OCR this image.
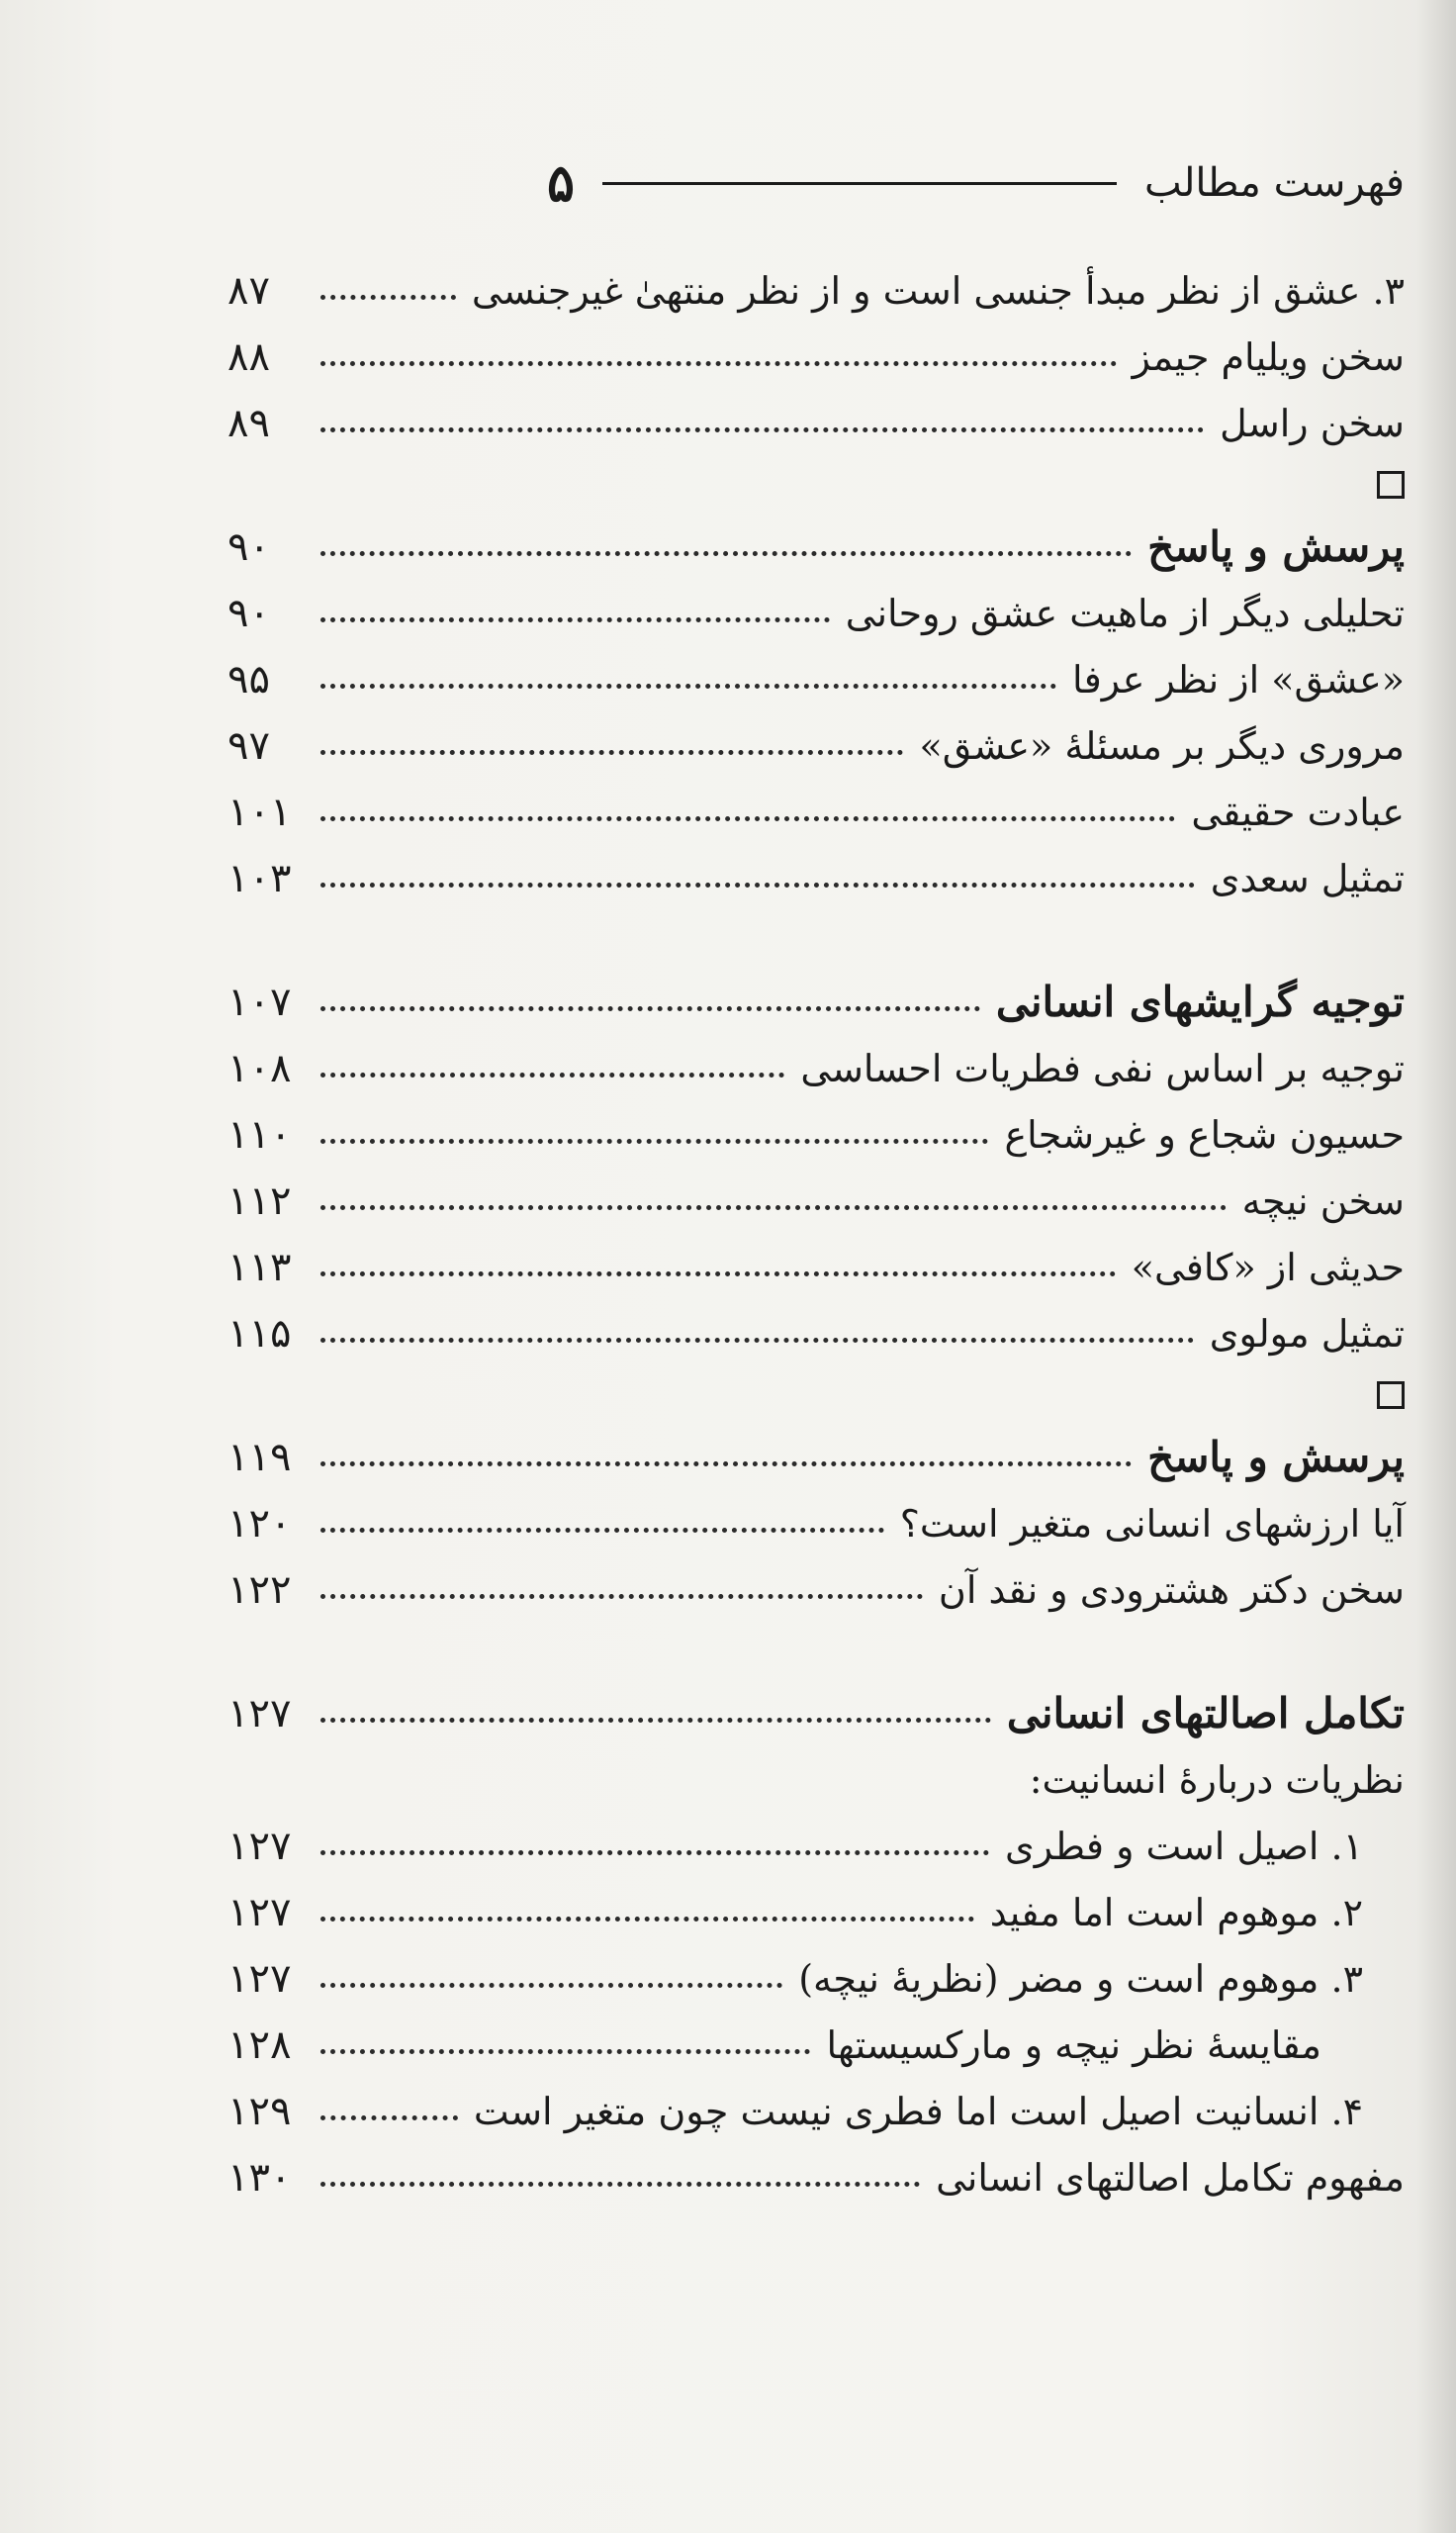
فهرست مطالب
۵
۳. عشق از نظر مبدأ جنسی است و از نظر منتهیٰ غیرجنسی
۸۷
سخن ویلیام جیمز
۸۸
سخن راسل
۸۹
پرسش و پاسخ
۹۰
تحلیلی دیگر از ماهیت عشق روحانی
۹۰
«عشق» از نظر عرفا
۹۵
مروری دیگر بر مسئلهٔ «عشق»
۹۷
عبادت حقیقی
۱۰۱
تمثیل سعدی
۱۰۳
توجیه گرایشهای انسانی
۱۰۷
توجیه بر اساس نفی فطریات احساسی
۱۰۸
حسیون شجاع و غیرشجاع
۱۱۰
سخن نیچه
۱۱۲
حدیثی از «کافی»
۱۱۳
تمثیل مولوی
۱۱۵
پرسش و پاسخ
۱۱۹
آیا ارزشهای انسانی متغیر است؟
۱۲۰
سخن دکتر هشترودی و نقد آن
۱۲۲
تکامل اصالتهای انسانی
۱۲۷
نظریات دربارهٔ انسانیت:
۱. اصیل است و فطری
۱۲۷
۲. موهوم است اما مفید
۱۲۷
۳. موهوم است و مضر (نظریهٔ نیچه)
۱۲۷
مقایسهٔ نظر نیچه و مارکسیستها
۱۲۸
۴. انسانیت اصیل است اما فطری نیست چون متغیر است
۱۲۹
مفهوم تکامل اصالتهای انسانی
۱۳۰
